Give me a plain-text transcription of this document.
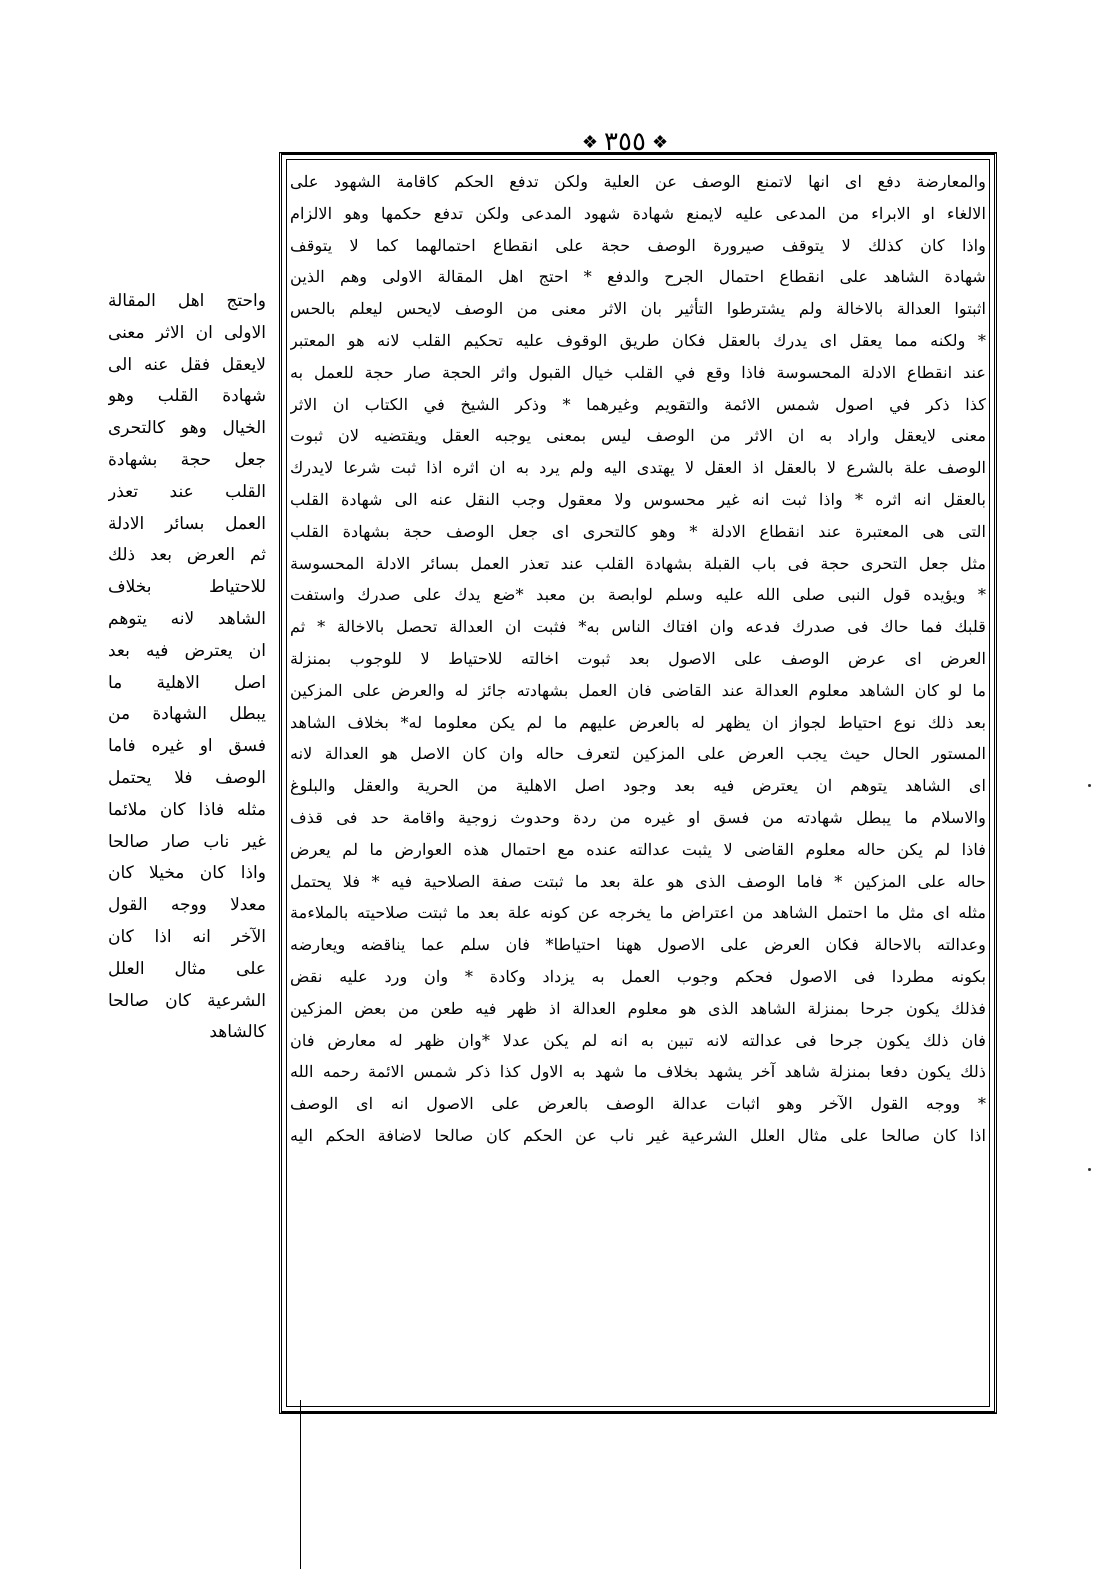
❖
٣٥٥
❖
والمعارضة دفع اى انها لاتمنع الوصف عن العلية ولكن تدفع الحكم كاقامة الشهود على
الالغاء او الابراء من المدعى عليه لايمنع شهادة شهود المدعى ولكن تدفع حكمها وهو الالزام
واذا كان كذلك لا يتوقف صيرورة الوصف حجة على انقطاع احتمالهما كما لا يتوقف
شهادة الشاهد على انقطاع احتمال الجرح والدفع * احتج اهل المقالة الاولى وهم الذين
اثبتوا العدالة بالاخالة ولم يشترطوا التأثير بان الاثر معنى من الوصف لايحس ليعلم بالحس
* ولكنه مما يعقل اى يدرك بالعقل فكان طريق الوقوف عليه تحكيم القلب لانه هو المعتبر
عند انقطاع الادلة المحسوسة فاذا وقع في القلب خيال القبول واثر الحجة صار حجة للعمل به
كذا ذكر في اصول شمس الائمة والتقويم وغيرهما * وذكر الشيخ في الكتاب ان الاثر
معنى لايعقل واراد به ان الاثر من الوصف ليس بمعنى يوجبه العقل ويقتضيه لان ثبوت
الوصف علة بالشرع لا بالعقل اذ العقل لا يهتدى اليه ولم يرد به ان اثره اذا ثبت شرعا لايدرك
بالعقل انه اثره * واذا ثبت انه غير محسوس ولا معقول وجب النقل عنه الى شهادة القلب
التى هى المعتبرة عند انقطاع الادلة * وهو كالتحرى اى جعل الوصف حجة بشهادة القلب
مثل جعل التحرى حجة فى باب القبلة بشهادة القلب عند تعذر العمل بسائر الادلة المحسوسة
* ويؤيده قول النبى صلى الله عليه وسلم لوابصة بن معبد *ضع يدك على صدرك واستفت
قلبك فما حاك فى صدرك فدعه وان افتاك الناس به* فثبت ان العدالة تحصل بالاخالة * ثم
العرض اى عرض الوصف على الاصول بعد ثبوت اخالته للاحتياط لا للوجوب بمنزلة
ما لو كان الشاهد معلوم العدالة عند القاضى فان العمل بشهادته جائز له والعرض على المزكين
بعد ذلك نوع احتياط لجواز ان يظهر له بالعرض عليهم ما لم يكن معلوما له* بخلاف الشاهد
المستور الحال حيث يجب العرض على المزكين لتعرف حاله وان كان الاصل هو العدالة لانه
اى الشاهد يتوهم ان يعترض فيه بعد وجود اصل الاهلية من الحرية والعقل والبلوغ
والاسلام ما يبطل شهادته من فسق او غيره من ردة وحدوث زوجية واقامة حد فى قذف
فاذا لم يكن حاله معلوم القاضى لا يثبت عدالته عنده مع احتمال هذه العوارض ما لم يعرض
حاله على المزكين * فاما الوصف الذى هو علة بعد ما ثبتت صفة الصلاحية فيه * فلا يحتمل
مثله اى مثل ما احتمل الشاهد من اعتراض ما يخرجه عن كونه علة بعد ما ثبتت صلاحيته بالملاءمة
وعدالته بالاحالة فكان العرض على الاصول ههنا احتياطا* فان سلم عما يناقضه ويعارضه
بكونه مطردا فى الاصول فحكم وجوب العمل به يزداد وكادة * وان ورد عليه نقض
فذلك يكون جرحا بمنزلة الشاهد الذى هو معلوم العدالة اذ ظهر فيه طعن من بعض المزكين
فان ذلك يكون جرحا فى عدالته لانه تبين به انه لم يكن عدلا *وان ظهر له معارض فان
ذلك يكون دفعا بمنزلة شاهد آخر يشهد بخلاف ما شهد به الاول كذا ذكر شمس الائمة رحمه الله
* ووجه القول الآخر وهو اثبات عدالة الوصف بالعرض على الاصول انه اى الوصف
اذا كان صالحا على مثال العلل الشرعية غير ناب عن الحكم كان صالحا لاضافة الحكم اليه
واحتج اهل المقالة
الاولى ان الاثر معنى
لايعقل فقل عنه الى
شهادة القلب وهو
الخيال وهو كالتحرى
جعل حجة بشهادة
القلب عند تعذر
العمل بسائر الادلة
ثم العرض بعد ذلك
للاحتياط بخلاف
الشاهد لانه يتوهم
ان يعترض فيه بعد
اصل الاهلية ما
يبطل الشهادة من
فسق او غيره فاما
الوصف فلا يحتمل
مثله فاذا كان ملائما
غير ناب صار صالحا
واذا كان مخيلا كان
معدلا ووجه القول
الآخر انه اذا كان
على مثال العلل
الشرعية كان صالحا
كالشاهد
